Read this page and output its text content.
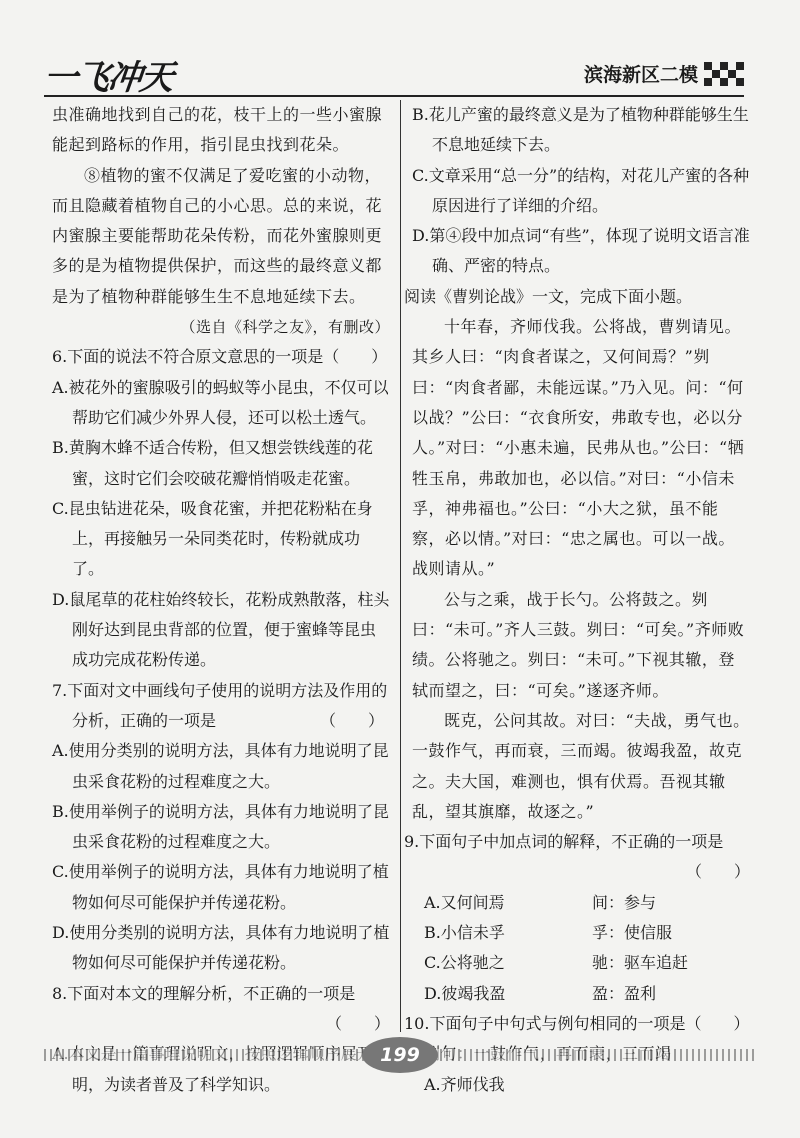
一飞冲天	滨海新区二模

虫准确地找到自己的花，枝干上的一些小蜜腺能起到路标的作用，指引昆虫找到花朵。

⑧植物的蜜不仅满足了爱吃蜜的小动物，而且隐藏着植物自己的小心思。总的来说，花内蜜腺主要能帮助花朵传粉，而花外蜜腺则更多的是为植物提供保护，而这些的最终意义都是为了植物种群能够生生不息地延续下去。

（选自《科学之友》，有删改）

6.下面的说法不符合原文意思的一项是（　　）

A.被花外的蜜腺吸引的蚂蚁等小昆虫，不仅可以帮助它们减少外界人侵，还可以松土透气。

B.黄胸木蜂不适合传粉，但又想尝铁线莲的花蜜，这时它们会咬破花瓣悄悄吸走花蜜。

C.昆虫钻进花朵，吸食花蜜，并把花粉粘在身上，再接触另一朵同类花时，传粉就成功了。

D.鼠尾草的花柱始终较长，花粉成熟散落，柱头刚好达到昆虫背部的位置，便于蜜蜂等昆虫成功完成花粉传递。

7.下面对文中画线句子使用的说明方法及作用的分析，正确的一项是　　　　　　　（　　）

A.使用分类别的说明方法，具体有力地说明了昆虫采食花粉的过程难度之大。

B.使用举例子的说明方法，具体有力地说明了昆虫采食花粉的过程难度之大。

C.使用举例子的说明方法，具体有力地说明了植物如何尽可能保护并传递花粉。

D.使用分类别的说明方法，具体有力地说明了植物如何尽可能保护并传递花粉。

8.下面对本文的理解分析，不正确的一项是

（　　）

明，为读者普及了科学知识。

B.花儿产蜜的最终意义是为了植物种群能够生生不息地延续下去。

C.文章采用“总一分”的结构，对花儿产蜜的各种原因进行了详细的介绍。

D.第④段中加点词“有些”，体现了说明文语言准确、严密的特点。

阅读《曹刿论战》一文，完成下面小题。

十年春，齐师伐我。公将战，曹刿请见。其乡人曰：“肉食者谋之，又何间焉？”刿曰：“肉食者鄙，未能远谋。”乃入见。问：“何以战？”公曰：“衣食所安，弗敢专也，必以分人。”对曰：“小惠未遍，民弗从也。”公曰：“牺牲玉帛，弗敢加也，必以信。”对曰：“小信未孚，神弗福也。”公曰：“小大之狱，虽不能察，必以情。”对曰：“忠之属也。可以一战。战则请从。”

公与之乘，战于长勺。公将鼓之。刿曰：“未可。”齐人三鼓。刿曰：“可矣。”齐师败绩。公将驰之。刿曰：“未可。”下视其辙，登轼而望之，曰：“可矣。”遂逐齐师。

既克，公问其故。对曰：“夫战，勇气也。一鼓作气，再而衰，三而竭。彼竭我盈，故克之。夫大国，难测也，惧有伏焉。吾视其辙乱，望其旗靡，故逐之。”

9.下面句子中加点词的解释，不正确的一项是

（　　）

A.又何间焉	间：参与
B.小信未孚	孚：使信服
C.公将驰之	驰：驱车追赶
D.彼竭我盈	盈：盈利

10.下面句子中句式与例句相同的一项是（　　）

A.齐师伐我

199
